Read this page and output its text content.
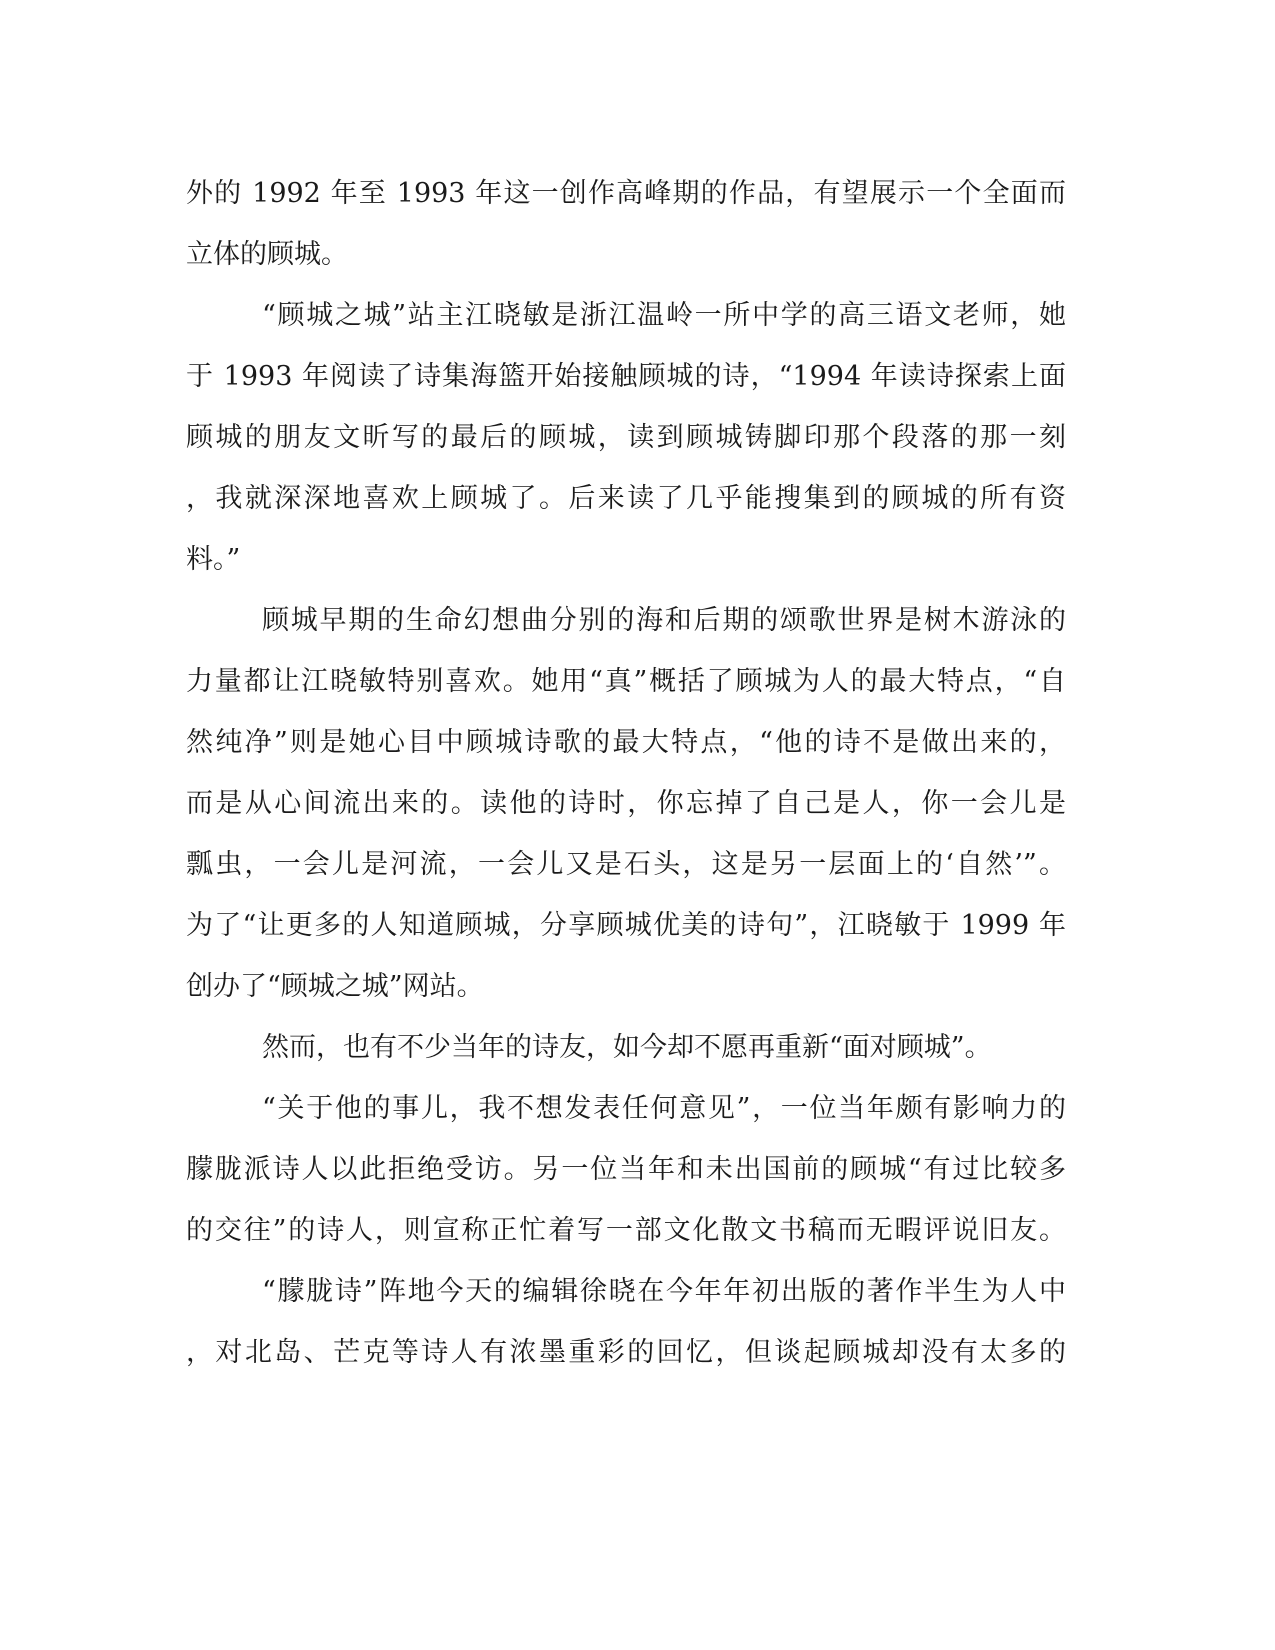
外的 1992 年至 1993 年这一创作高峰期的作品，有望展示一个全面而
立体的顾城。
“顾城之城”站主江晓敏是浙江温岭一所中学的高三语文老师，她
于 1993 年阅读了诗集海篮开始接触顾城的诗，“1994 年读诗探索上面
顾城的朋友文昕写的最后的顾城，读到顾城铸脚印那个段落的那一刻
，我就深深地喜欢上顾城了。后来读了几乎能搜集到的顾城的所有资
料。”
顾城早期的生命幻想曲分别的海和后期的颂歌世界是树木游泳的
力量都让江晓敏特别喜欢。她用“真”概括了顾城为人的最大特点，“自
然纯净”则是她心目中顾城诗歌的最大特点，“他的诗不是做出来的，
而是从心间流出来的。读他的诗时，你忘掉了自己是人，你一会儿是
瓢虫，一会儿是河流，一会儿又是石头，这是另一层面上的‘自然’”。
为了“让更多的人知道顾城，分享顾城优美的诗句”，江晓敏于 1999 年
创办了“顾城之城”网站。
然而，也有不少当年的诗友，如今却不愿再重新“面对顾城”。
“关于他的事儿，我不想发表任何意见”，一位当年颇有影响力的
朦胧派诗人以此拒绝受访。另一位当年和未出国前的顾城“有过比较多
的交往”的诗人，则宣称正忙着写一部文化散文书稿而无暇评说旧友。
“朦胧诗”阵地今天的编辑徐晓在今年年初出版的著作半生为人中
，对北岛、芒克等诗人有浓墨重彩的回忆，但谈起顾城却没有太多的
